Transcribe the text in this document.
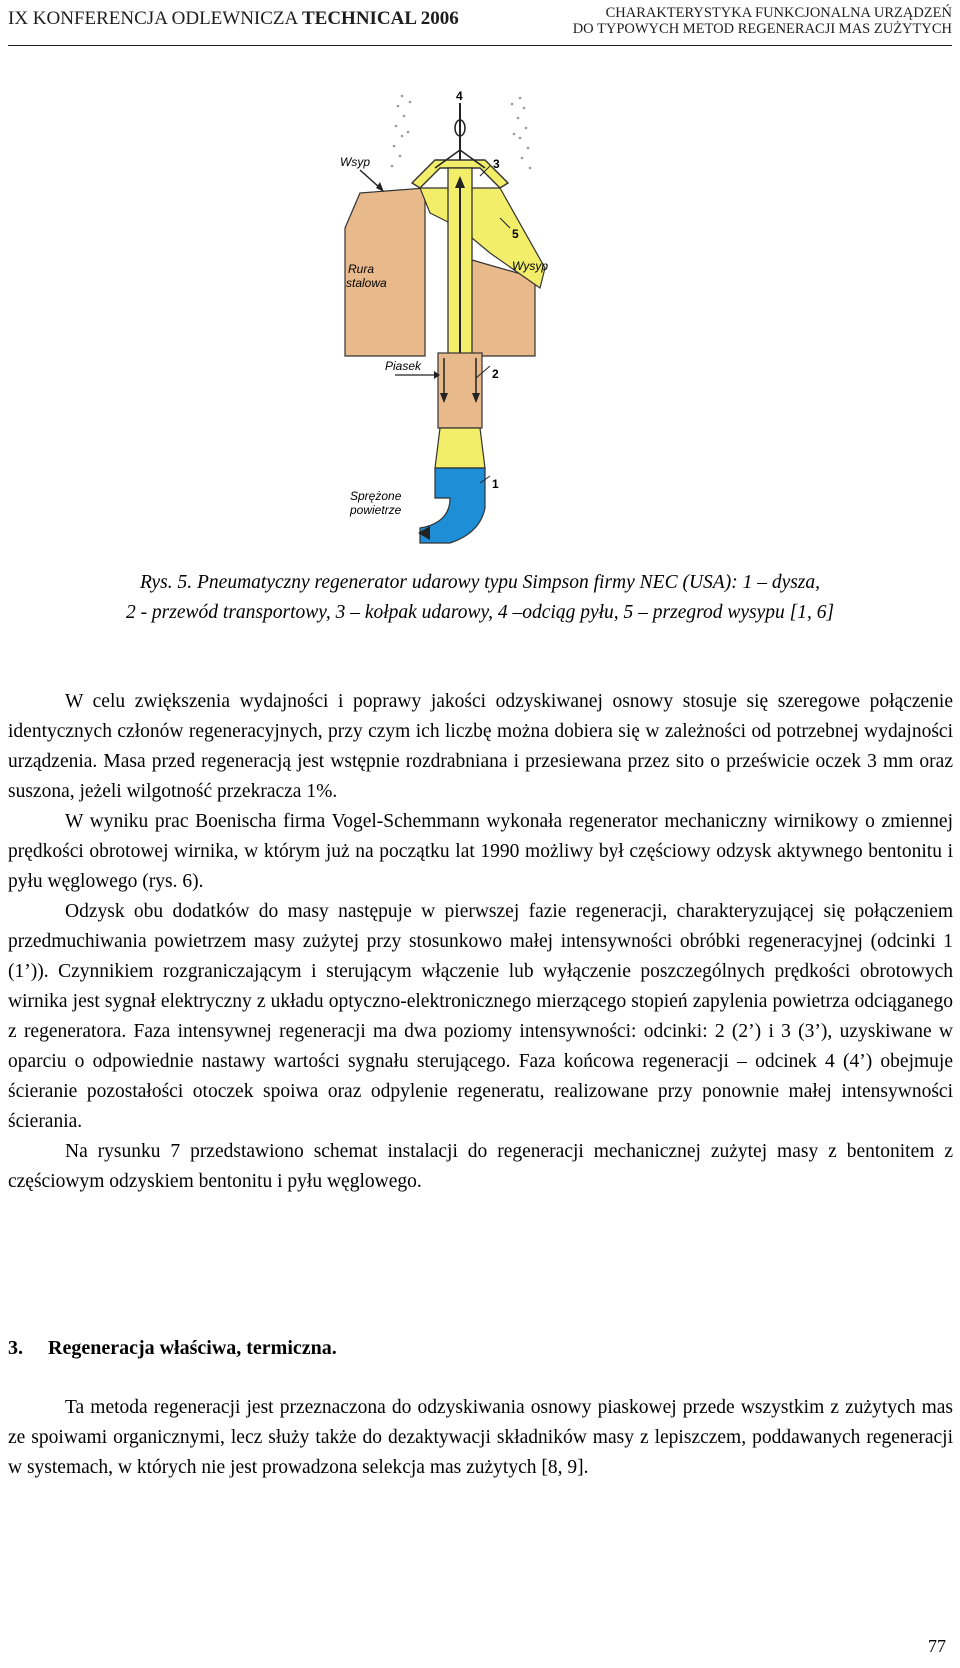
IX KONFERENCJA ODLEWNICZA TECHNICAL 2006	CHARAKTERYSTYKA FUNKCJONALNA URZĄDZEŃ
DO TYPOWYCH METOD REGENERACJI MAS ZUŻYTYCH
4
3
5
2
1
Wsyp
Wysyp
Rura
stalowa
Piasek
Sprężone
powietrze
Rys. 5. Pneumatyczny regenerator udarowy typu Simpson firmy NEC (USA): 1 – dysza,
2 - przewód transportowy, 3 – kołpak udarowy, 4 –odciąg pyłu, 5 – przegrod wysypu [1, 6]

W celu zwiększenia wydajności i poprawy jakości odzyskiwanej osnowy stosuje się szeregowe połączenie identycznych członów regeneracyjnych, przy czym ich liczbę można dobiera się w zależności od potrzebnej wydajności urządzenia. Masa przed regeneracją jest wstępnie rozdrabniana i przesiewana przez sito o prześwicie oczek 3 mm oraz suszona, jeżeli wilgotność przekracza 1%.

W wyniku prac Boenischa firma Vogel-Schemmann wykonała regenerator mechaniczny wirnikowy o zmiennej prędkości obrotowej wirnika, w którym już na początku lat 1990 możliwy był częściowy odzysk aktywnego bentonitu i pyłu węglowego (rys. 6).

Odzysk obu dodatków do masy następuje w pierwszej fazie regeneracji, charakteryzującej się połączeniem przedmuchiwania powietrzem masy zużytej przy stosunkowo małej intensywności obróbki regeneracyjnej (odcinki 1 (1’)). Czynnikiem rozgraniczającym i sterującym włączenie lub wyłączenie poszczególnych prędkości obrotowych wirnika jest sygnał elektryczny z układu optyczno-elektronicznego mierzącego stopień zapylenia powietrza odciąganego z regeneratora. Faza intensywnej regeneracji ma dwa poziomy intensywności: odcinki: 2 (2’) i 3 (3’), uzyskiwane w oparciu o odpowiednie nastawy wartości sygnału sterującego. Faza końcowa regeneracji – odcinek 4 (4’) obejmuje ścieranie pozostałości otoczek spoiwa oraz odpylenie regeneratu, realizowane przy ponownie małej intensywności ścierania.

Na rysunku 7 przedstawiono schemat instalacji do regeneracji mechanicznej zużytej masy z bentonitem z częściowym odzyskiem bentonitu i pyłu węglowego.

3. Regeneracja właściwa, termiczna.

Ta metoda regeneracji jest przeznaczona do odzyskiwania osnowy piaskowej przede wszystkim z zużytych mas ze spoiwami organicznymi, lecz służy także do dezaktywacji składników masy z lepiszczem, poddawanych regeneracji w systemach, w których nie jest prowadzona selekcja mas zużytych [8, 9].

77
